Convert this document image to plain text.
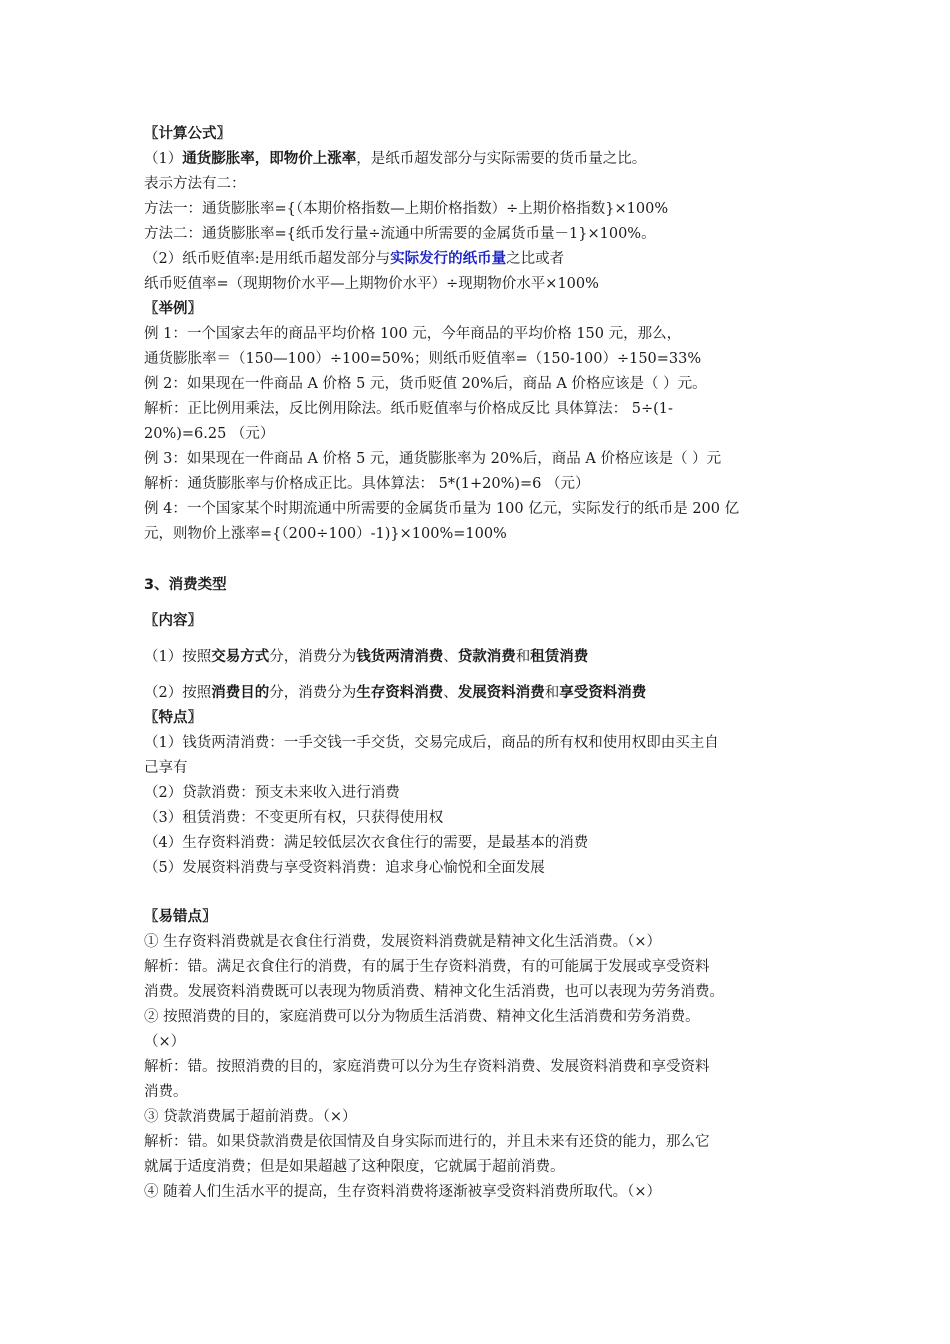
〖计算公式〗
（1）通货膨胀率，即物价上涨率，是纸币超发部分与实际需要的货币量之比。
表示方法有二：
方法一：通货膨胀率={（本期价格指数—上期价格指数）÷上期价格指数}×100%
方法二：通货膨胀率={纸币发行量÷流通中所需要的金属货币量－1}×100%。
（2）纸币贬值率:是用纸币超发部分与实际发行的纸币量之比或者
纸币贬值率=（现期物价水平—上期物价水平）÷现期物价水平×100%
〖举例〗
例 1：一个国家去年的商品平均价格 100 元，今年商品的平均价格 150 元，那么，
通货膨胀率＝（150—100）÷100=50%；则纸币贬值率=（150-100）÷150=33%
例 2：如果现在一件商品 A 价格 5 元，货币贬值 20%后，商品 A 价格应该是（ ）元。
解析：正比例用乘法，反比例用除法。纸币贬值率与价格成反比 具体算法： 5÷(1-
20%)=6.25 （元）
例 3：如果现在一件商品 A 价格 5 元，通货膨胀率为 20%后，商品 A 价格应该是（ ）元
解析：通货膨胀率与价格成正比。具体算法： 5*(1+20%)=6 （元）
例 4：一个国家某个时期流通中所需要的金属货币量为 100 亿元，实际发行的纸币是 200 亿
元，则物价上涨率={（200÷100）-1)}×100%=100%
3、消费类型
〖内容〗
（1）按照交易方式分，消费分为钱货两清消费、贷款消费和租赁消费
（2）按照消费目的分，消费分为生存资料消费、发展资料消费和享受资料消费
〖特点〗
（1）钱货两清消费：一手交钱一手交货，交易完成后，商品的所有权和使用权即由买主自
己享有
（2）贷款消费：预支未来收入进行消费
（3）租赁消费：不变更所有权，只获得使用权
（4）生存资料消费：满足较低层次衣食住行的需要，是最基本的消费
（5）发展资料消费与享受资料消费：追求身心愉悦和全面发展
〖易错点〗
① 生存资料消费就是衣食住行消费，发展资料消费就是精神文化生活消费。（×）
解析：错。满足衣食住行的消费，有的属于生存资料消费，有的可能属于发展或享受资料
消费。发展资料消费既可以表现为物质消费、精神文化生活消费，也可以表现为劳务消费。
② 按照消费的目的，家庭消费可以分为物质生活消费、精神文化生活消费和劳务消费。
（×）
解析：错。按照消费的目的，家庭消费可以分为生存资料消费、发展资料消费和享受资料
消费。
③ 贷款消费属于超前消费。（×）
解析：错。如果贷款消费是依国情及自身实际而进行的，并且未来有还贷的能力，那么它
就属于适度消费；但是如果超越了这种限度，它就属于超前消费。
④ 随着人们生活水平的提高，生存资料消费将逐渐被享受资料消费所取代。（×）
